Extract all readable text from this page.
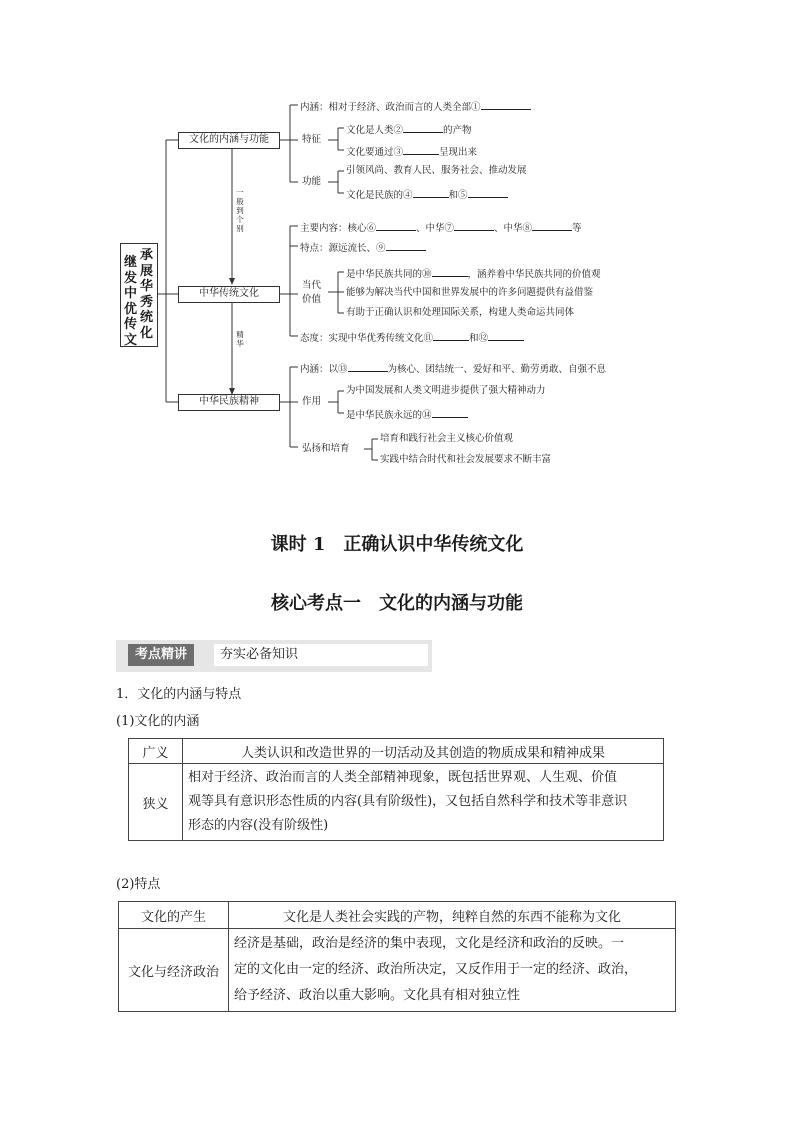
继
发
中
优
传
文
承
展
华
秀
统
化
文化的内涵与功能
中华传统文化
中华民族精神
一
般
到
个
别
精
华
内涵：相对于经济、政治而言的人类全部①
特征
文化是人类②	的产物
文化要通过③	呈现出来
功能
引领风尚、教育人民、服务社会、推动发展
文化是民族的④	和⑤
主要内容：核心⑥	、中华⑦	、中华⑧	等
特点：源远流长、⑨
当代
价值
是中华民族共同的⑩	，涵养着中华民族共同的价值观
能够为解决当代中国和世界发展中的许多问题提供有益借鉴
有助于正确认识和处理国际关系，构建人类命运共同体
态度：实现中华优秀传统文化⑪	和⑫
内涵：以⑬	为核心、团结统一、爱好和平、勤劳勇敢、自强不息
作用
为中国发展和人类文明进步提供了强大精神动力
是中华民族永远的⑭
弘扬和培育
培育和践行社会主义核心价值观
实践中结合时代和社会发展要求不断丰富
课时 1　正确认识中华传统文化
核心考点一　文化的内涵与功能
考点精讲	夯实必备知识
1．文化的内涵与特点
(1)文化的内涵
广义	人类认识和改造世界的一切活动及其创造的物质成果和精神成果
狭义	相对于经济、政治而言的人类全部精神现象，既包括世界观、人生观、价值
观等具有意识形态性质的内容(具有阶级性)，又包括自然科学和技术等非意识
形态的内容(没有阶级性)
(2)特点
文化的产生	文化是人类社会实践的产物，纯粹自然的东西不能称为文化
文化与经济政治	经济是基础，政治是经济的集中表现，文化是经济和政治的反映。一
定的文化由一定的经济、政治所决定，又反作用于一定的经济、政治，
给予经济、政治以重大影响。文化具有相对独立性
